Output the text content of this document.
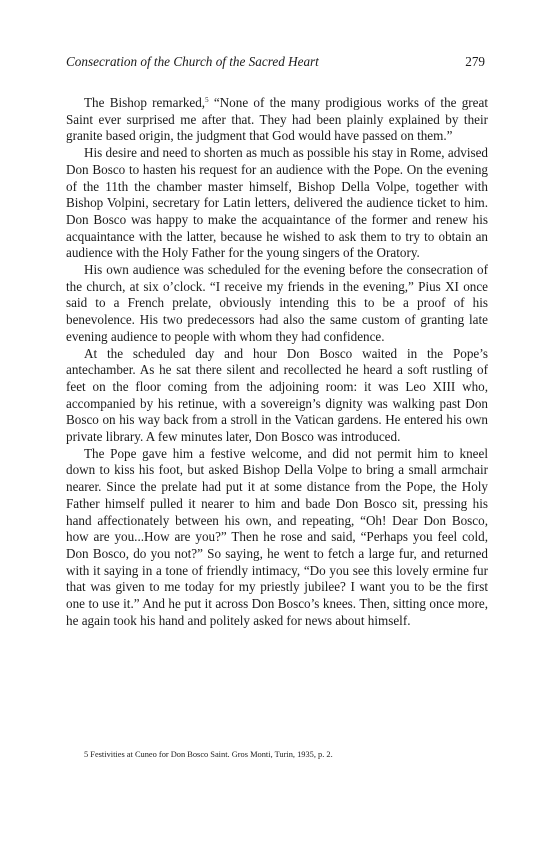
Consecration of the Church of the Sacred Heart	279

The Bishop remarked,$^5$ “None of the many prodigious works of the great Saint ever surprised me after that. They had been plainly explained by their granite based origin, the judgment that God would have passed on them.”

His desire and need to shorten as much as possible his stay in Rome, advised Don Bosco to hasten his request for an audience with the Pope. On the evening of the 11th the chamber master himself, Bishop Della Volpe, together with Bishop Volpini, secretary for Latin letters, delivered the audience ticket to him. Don Bosco was happy to make the acquaintance of the former and renew his acquaintance with the latter, because he wished to ask them to try to obtain an audience with the Holy Father for the young singers of the Oratory.

His own audience was scheduled for the evening before the consecration of the church, at six o’clock. “I receive my friends in the evening,” Pius XI once said to a French prelate, obviously intending this to be a proof of his benevolence. His two predecessors had also the same custom of granting late evening audience to people with whom they had confidence.

At the scheduled day and hour Don Bosco waited in the Pope’s antechamber. As he sat there silent and recollected he heard a soft rustling of feet on the floor coming from the adjoining room: it was Leo XIII who, accompanied by his retinue, with a sovereign’s dignity was walking past Don Bosco on his way back from a stroll in the Vatican gardens. He entered his own private library. A few minutes later, Don Bosco was introduced.

The Pope gave him a festive welcome, and did not permit him to kneel down to kiss his foot, but asked Bishop Della Volpe to bring a small armchair nearer. Since the prelate had put it at some distance from the Pope, the Holy Father himself pulled it nearer to him and bade Don Bosco sit, pressing his hand affectionately between his own, and repeating, “Oh! Dear Don Bosco, how are you...How are you?” Then he rose and said, “Perhaps you feel cold, Don Bosco, do you not?” So saying, he went to fetch a large fur, and returned with it saying in a tone of friendly intimacy, “Do you see this lovely ermine fur that was given to me today for my priestly jubilee? I want you to be the first one to use it.” And he put it across Don Bosco’s knees. Then, sitting once more, he again took his hand and politely asked for news about himself.

5 Festivities at Cuneo for Don Bosco Saint. Gros Monti, Turin, 1935, p. 2.
